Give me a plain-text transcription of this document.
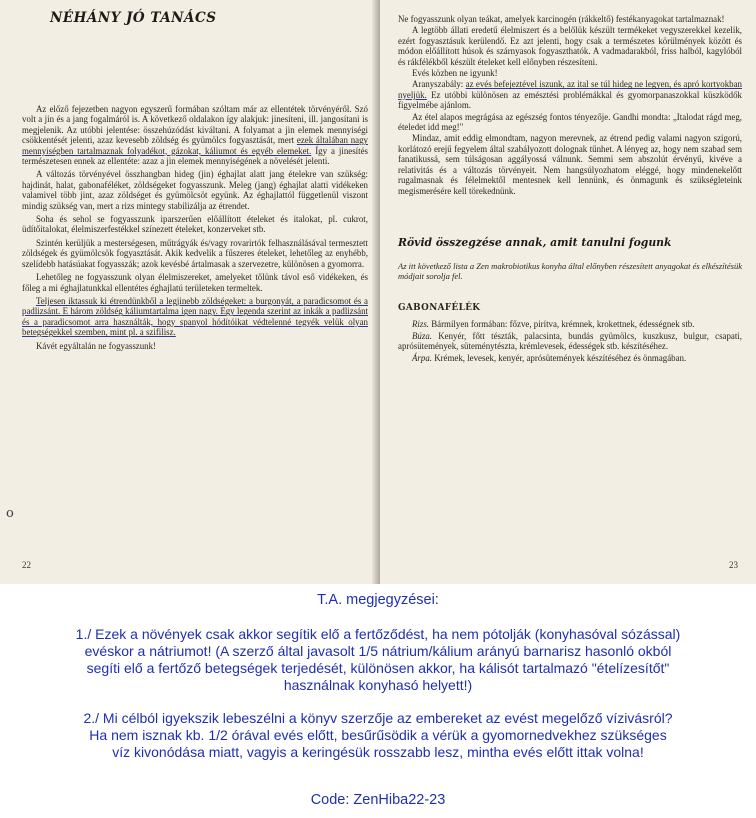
NÉHÁNY JÓ TANÁCS

Az előző fejezetben nagyon egyszerű formában szóltam már az ellentétek törvényéről. Szó volt a jin és a jang fogalmáról is. A következő oldalakon így alakjuk: jinesíteni, ill. jangosítani is megjelenik. Az utóbbi jelentése: összehúzódást kiváltani. A folyamat a jin elemek mennyiségi csökkentését jelenti, azaz kevesebb zöldség és gyümölcs fogyasztását, mert ezek általában nagy mennyiségben tartalmaznak folyadékot, gázokat, káliumot és egyéb elemeket. Így a jinesítés természetesen ennek az ellentéte: azaz a jin elemek mennyiségének a növelését jelenti.

A változás törvényével összhangban hideg (jin) éghajlat alatt jang ételekre van szükség: hajdinát, halat, gabonaféléket, zöldségeket fogyasszunk. Meleg (jang) éghajlat alatti vidékeken valamivel több jint, azaz zöldséget és gyümölcsöt együnk. Az éghajlattól függetlenül viszont mindig szükség van, mert a rizs mintegy stabilizálja az étrendet.

Soha és sehol se fogyasszunk iparszerűen előállított ételeket és italokat, pl. cukrot, üdítőitalokat, élelmiszerfestékkel színezett ételeket, konzerveket stb.

Szintén kerüljük a mesterségesen, műtrágyák és/vagy rovarirtók felhasználásával termesztett zöldségek és gyümölcsök fogyasztását. Akik kedvelik a fűszeres ételeket, lehetőleg az enyhébb, szelídebb hatásúakat fogyasszák; azok kevésbé ártalmasak a szervezetre, különösen a gyomorra.

Lehetőleg ne fogyasszunk olyan élelmiszereket, amelyeket tőlünk távol eső vidékeken, és főleg a mi éghajlatunkkal ellentétes éghajlatú területeken termeltek.

Teljesen iktassuk ki étrendünkből a legjinebb zöldségeket: a burgonyát, a paradicsomot és a padlizsánt. E három zöldség káliumtartalma igen nagy. Egy legenda szerint az inkák a padlizsánt és a paradicsomot arra használták, hogy spanyol hódítóikat védtelenné tegyék velük olyan betegségekkel szemben, mint pl. a szifilisz.

Kávét egyáltalán ne fogyasszunk!

o
22

Ne fogyasszunk olyan teákat, amelyek karcinogén (rákkeltő) festékanyagokat tartalmaznak!

A legtöbb állati eredetű élelmiszert és a belőlük készült termékeket vegyszerekkel kezelik, ezért fogyasztásuk kerülendő. Ez azt jelenti, hogy csak a természetes körülmények között és módon előállított húsok és szárnyasok fogyaszthatók. A vadmadarakból, friss halból, kagylóból és rákfélékből készült ételeket kell előnyben részesíteni.

Evés közben ne igyunk!

Aranyszabály: az evés befejeztével iszunk, az ital se túl hideg ne legyen, és apró kortyokban nyeljük. Ez utóbbi különösen az emésztési problémákkal és gyomorpanaszokkal küszködők figyelmébe ajánlom.

Az étel alapos megrágása az egészség fontos tényezője. Gandhi mondta: „Italodat rágd meg, ételedet idd meg!"

Mindaz, amit eddig elmondtam, nagyon merevnek, az étrend pedig valami nagyon szigorú, korlátozó erejű fegyelem által szabályozott dolognak tűnhet. A lényeg az, hogy nem szabad sem fanatikussá, sem túlságosan aggályossá válnunk. Semmi sem abszolút érvényű, kivéve a relativitás és a változás törvényeit. Nem hangsúlyozhatom eléggé, hogy mindenekelőtt rugalmasnak és félelmektől mentesnek kell lennünk, és önmagunk és szükségleteink megismerésére kell törekednünk.

Rövid összegzése annak, amit tanulni fogunk

Az itt következő lista a Zen makrobiotikus konyha által előnyben részesített anyagokat és elkészítésük módjait sorolja fel.

GABONAFÉLÉK

Rizs. Bármilyen formában: főzve, pirítva, krémnek, krokettnek, édességnek stb.

Búza. Kenyér, főtt tészták, palacsinta, bundás gyümölcs, kuszkusz, bulgur, csapati, aprósütemények, süteménytészta, krémlevesek, édességek stb. készítéséhez.

Árpa. Krémek, levesek, kenyér, aprósütemények készítéséhez és önmagában.

23

T.A. megjegyzései:

1./ Ezek a növények csak akkor segítik elő a fertőződést, ha nem pótolják (konyhasóval sózással)
evéskor a nátriumot! (A szerző által javasolt 1/5 nátrium/kálium arányú barnarisz hasonló okból
segíti elő a fertőző betegségek terjedését, különösen akkor, ha kálisót tartalmazó "ételízesítőt"
használnak konyhasó helyett!)

2./ Mi célból igyekszik lebeszélni a könyv szerzője az embereket az evést megelőző vízivásról?
Ha nem isznak kb. 1/2 órával evés előtt, besűrűsödik a vérük a gyomornedvekhez szükséges
víz kivonódása miatt, vagyis a keringésük rosszabb lesz, mintha evés előtt ittak volna!

Code: ZenHiba22-23
